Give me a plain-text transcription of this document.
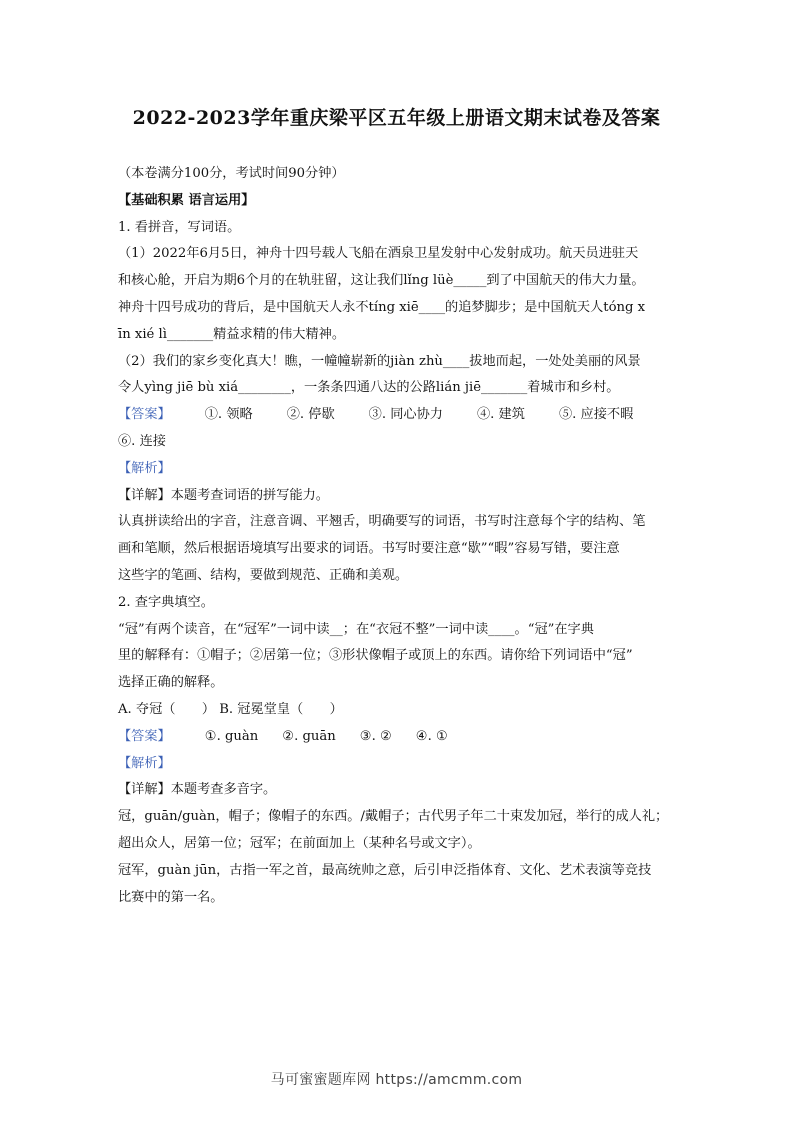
2022-2023学年重庆梁平区五年级上册语文期末试卷及答案

（本卷满分100分，考试时间90分钟）

【基础积累 语言运用】

1. 看拼音，写词语。

（1）2022年6月5日，神舟十四号载人飞船在酒泉卫星发射中心发射成功。航天员进驻天

和核心舱，开启为期6个月的在轨驻留，这让我们lǐng lüè_____到了中国航天的伟大力量。

神舟十四号成功的背后，是中国航天人永不tíng xiē____的追梦脚步；是中国航天人tóng x

īn xié lì_______精益求精的伟大精神。

（2）我们的家乡变化真大！瞧，一幢幢崭新的jiàn zhù____拔地而起，一处处美丽的风景

令人yìng jiē bù xiá________，一条条四通八达的公路lián jiē_______着城市和乡村。

【答案】	①. 领略	②. 停歇	③. 同心协力	④. 建筑	⑤. 应接不暇

⑥. 连接

【解析】

【详解】本题考查词语的拼写能力。

认真拼读给出的字音，注意音调、平翘舌，明确要写的词语，书写时注意每个字的结构、笔

画和笔顺，然后根据语境填写出要求的词语。书写时要注意“歇”“暇”容易写错，要注意

这些字的笔画、结构，要做到规范、正确和美观。

2. 查字典填空。

“冠”有两个读音，在“冠军”一词中读__；在“衣冠不整”一词中读____。“冠”在字典

里的解释有：①帽子；②居第一位；③形状像帽子或顶上的东西。请你给下列词语中“冠”

选择正确的解释。

A. 夺冠（　　） B. 冠冕堂皇（　　）

【答案】	①. guàn ②. guān ③. ② ④. ①

【解析】

【详解】本题考查多音字。

冠，guān/guàn，帽子；像帽子的东西。/戴帽子；古代男子年二十束发加冠，举行的成人礼；

超出众人，居第一位；冠军；在前面加上（某种名号或文字）。

冠军，guàn jūn，古指一军之首，最高统帅之意，后引申泛指体育、文化、艺术表演等竞技

比赛中的第一名。

马可蜜蜜题库网 https://amcmm.com
